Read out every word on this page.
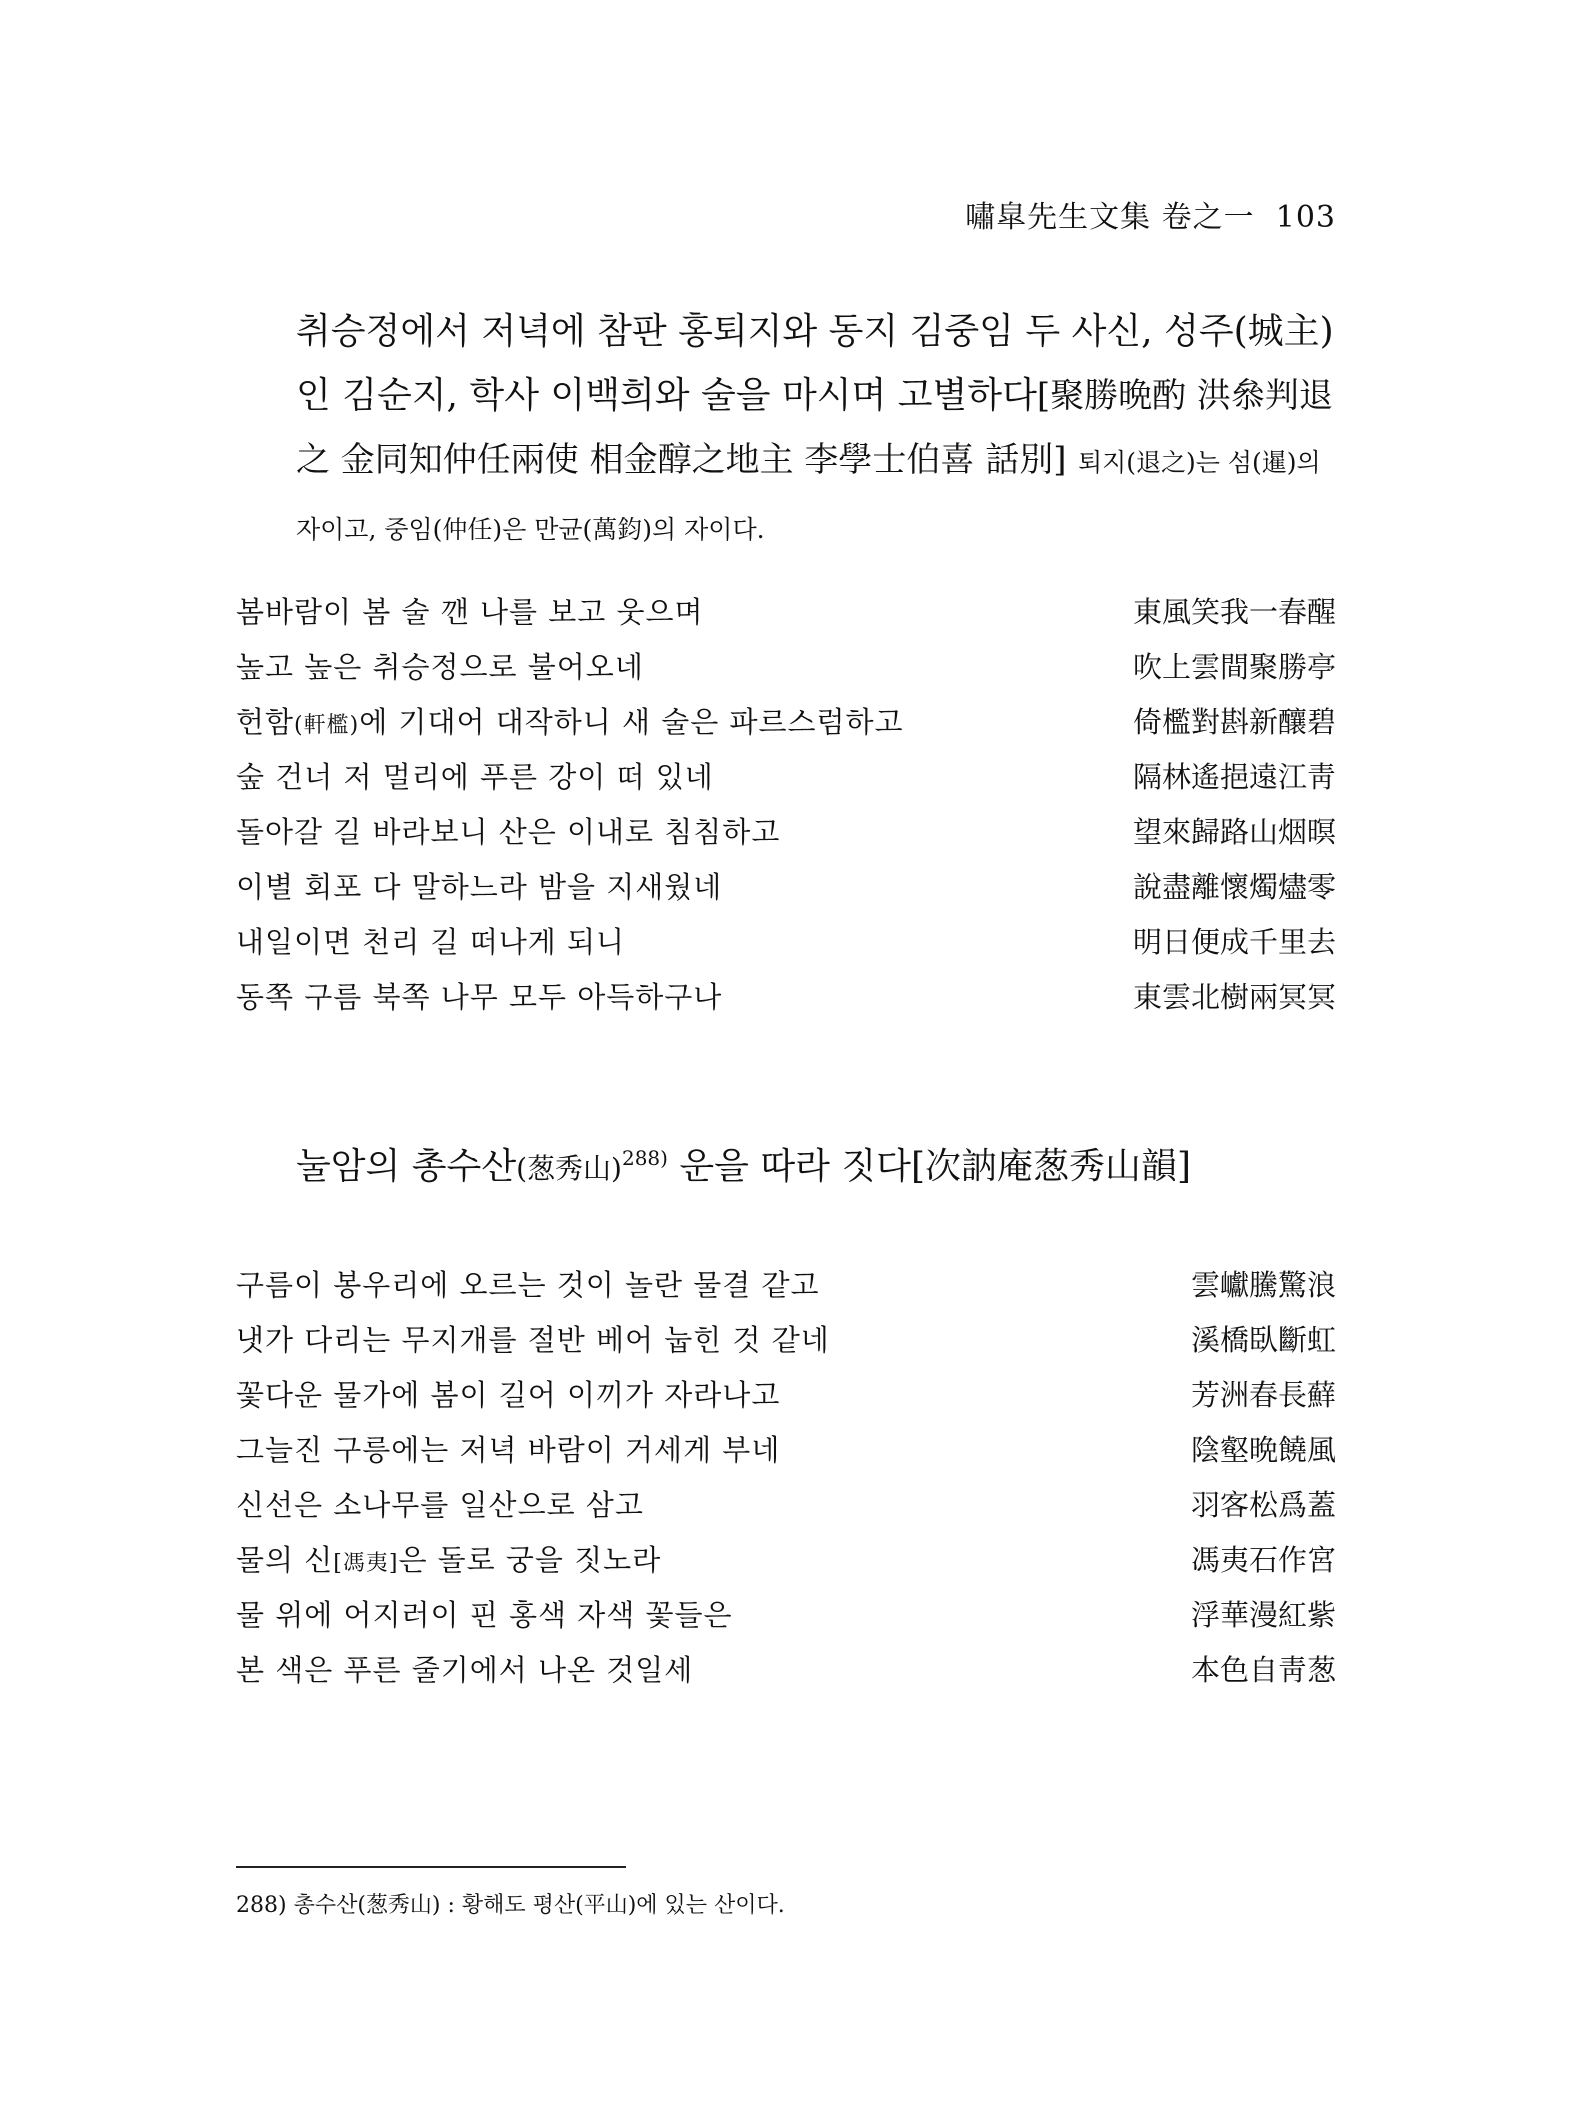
嘯皐先生文集 卷之一 103
취승정에서 저녁에 참판 홍퇴지와 동지 김중임 두 사신, 성주(城主)인 김순지, 학사 이백희와 술을 마시며 고별하다[聚勝晩酌 洪叅判退之 金同知仲任兩使 相金醇之地主 李學士伯喜 話別] 퇴지(退之)는 섬(暹)의 자이고, 중임(仲任)은 만균(萬鈞)의 자이다.
봄바람이 봄 술 깬 나를 보고 웃으며	東風笑我一春醒
높고 높은 취승정으로 불어오네	吹上雲間聚勝亭
헌함(軒檻)에 기대어 대작하니 새 술은 파르스럼하고	倚檻對斟新釀碧
숲 건너 저 멀리에 푸른 강이 떠 있네	隔林遙挹遠江靑
돌아갈 길 바라보니 산은 이내로 침침하고	望來歸路山烟暝
이별 회포 다 말하느라 밤을 지새웠네	說盡離懷燭燼零
내일이면 천리 길 떠나게 되니	明日便成千里去
동쪽 구름 북쪽 나무 모두 아득하구나	東雲北樹兩冥冥
눌암의 총수산(葱秀山)$^{288)}$ 운을 따라 짓다[次訥庵葱秀山韻]
구름이 봉우리에 오르는 것이 놀란 물결 같고	雲巘騰驚浪
냇가 다리는 무지개를 절반 베어 눕힌 것 같네	溪橋臥斷虹
꽃다운 물가에 봄이 길어 이끼가 자라나고	芳洲春長蘚
그늘진 구릉에는 저녁 바람이 거세게 부네	陰壑晩饒風
신선은 소나무를 일산으로 삼고	羽客松爲蓋
물의 신[馮夷]은 돌로 궁을 짓노라	馮夷石作宮
물 위에 어지러이 핀 홍색 자색 꽃들은	浮華漫紅紫
본 색은 푸른 줄기에서 나온 것일세	本色自靑葱
288) 총수산(葱秀山) : 황해도 평산(平山)에 있는 산이다.
